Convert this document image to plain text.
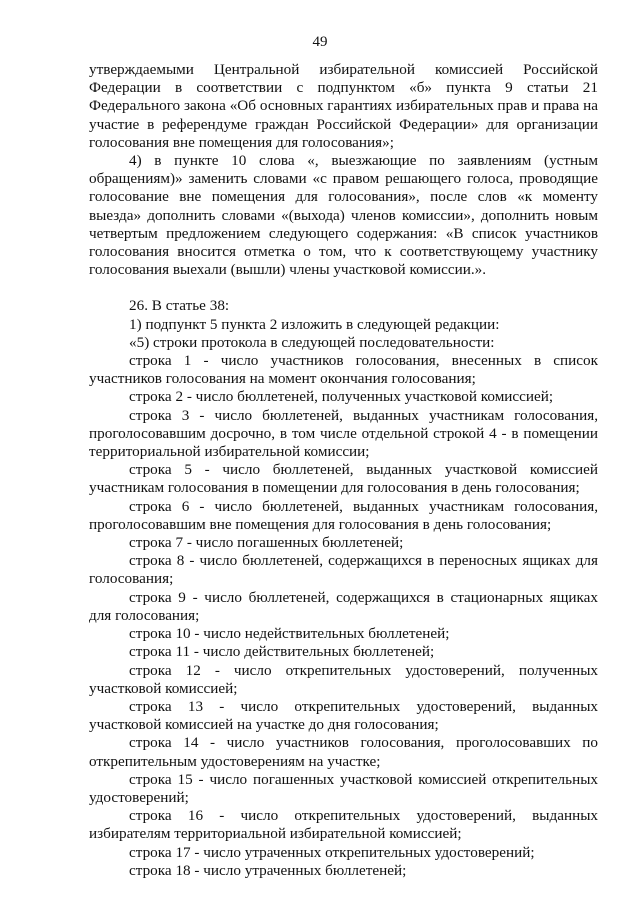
49

утверждаемыми Центральной избирательной комиссией Российской Федерации в соответствии с подпунктом «б» пункта 9 статьи 21 Федерального закона «Об основных гарантиях избирательных прав и права на участие в референдуме граждан Российской Федерации» для организации голосования вне помещения для голосования»;

4) в пункте 10 слова «, выезжающие по заявлениям (устным обращениям)» заменить словами «с правом решающего голоса, проводящие голосование вне помещения для голосования», после слов «к моменту выезда» дополнить словами «(выхода) членов комиссии», дополнить новым четвертым предложением следующего содержания: «В список участников голосования вносится отметка о том, что к соответствующему участнику голосования выехали (вышли) члены участковой комиссии.».

26. В статье 38:

1) подпункт 5 пункта 2 изложить в следующей редакции:

«5) строки протокола в следующей последовательности:

строка 1 - число участников голосования, внесенных в список участников голосования на момент окончания голосования;

строка 2 - число бюллетеней, полученных участковой комиссией;

строка 3 - число бюллетеней, выданных участникам голосования, проголосовавшим досрочно, в том числе отдельной строкой 4 - в помещении территориальной избирательной комиссии;

строка 5 - число бюллетеней, выданных участковой комиссией участникам голосования в помещении для голосования в день голосования;

строка 6 - число бюллетеней, выданных участникам голосования, проголосовавшим вне помещения для голосования в день голосования;

строка 7 - число погашенных бюллетеней;

строка 8 - число бюллетеней, содержащихся в переносных ящиках для голосования;

строка 9 - число бюллетеней, содержащихся в стационарных ящиках для голосования;

строка 10 - число недействительных бюллетеней;

строка 11 - число действительных бюллетеней;

строка 12 - число открепительных удостоверений, полученных участковой комиссией;

строка 13 - число открепительных удостоверений, выданных участковой комиссией на участке до дня голосования;

строка 14 - число участников голосования, проголосовавших по открепительным удостоверениям на участке;

строка 15 - число погашенных участковой комиссией открепительных удостоверений;

строка 16 - число открепительных удостоверений, выданных избирателям территориальной избирательной комиссией;

строка 17 - число утраченных открепительных удостоверений;

строка 18 - число утраченных бюллетеней;
